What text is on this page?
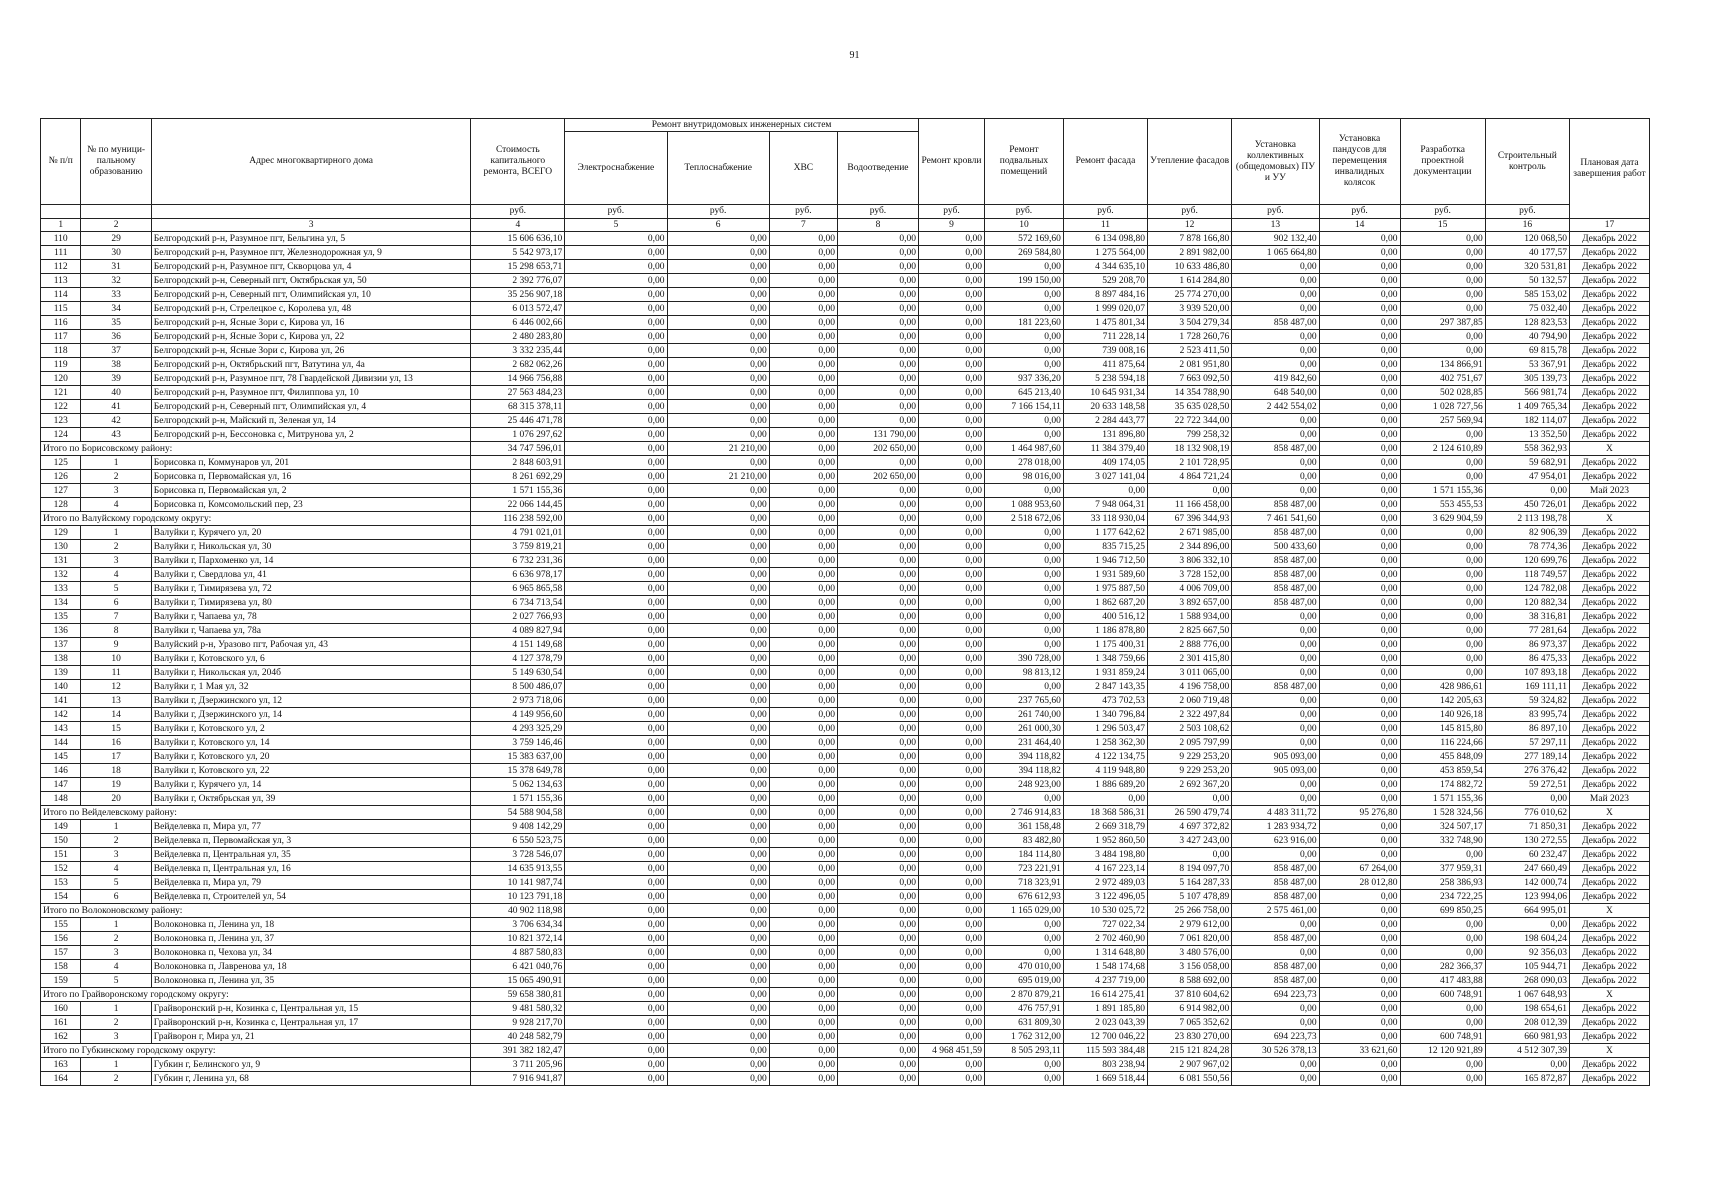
91
№ п/п	№ по муници-пальному образованию	Адрес многоквартирного дома	Стоимость капитального ремонта, ВСЕГО	Ремонт внутридомовых инженерных систем				Ремонт кровли	Ремонт подвальных помещений	Ремонт фасада	Утепление фасадов	Установка коллективных (общедомовых) ПУ и УУ	Установка пандусов для перемещения инвалидных колясок	Разработка проектной документации	Строительный контроль	Плановая дата завершения работ
				Электроснабжение	Теплоснабжение	ХВС	Водоотведение									
			руб.	руб.	руб.	руб.	руб.	руб.	руб.	руб.	руб.	руб.	руб.	руб.	руб.	
1	2	3	4	5	6	7	8	9	10	11	12	13	14	15	16	17
110	29	Белгородский р-н, Разумное пгт, Бельгина ул, 5	15 606 636,10	0,00	0,00	0,00	0,00	0,00	572 169,60	6 134 098,80	7 878 166,80	902 132,40	0,00	0,00	120 068,50	Декабрь 2022
111	30	Белгородский р-н, Разумное пгт, Железнодорожная ул, 9	5 542 973,17	0,00	0,00	0,00	0,00	0,00	269 584,80	1 275 564,00	2 891 982,00	1 065 664,80	0,00	0,00	40 177,57	Декабрь 2022
112	31	Белгородский р-н, Разумное пгт, Скворцова ул, 4	15 298 653,71	0,00	0,00	0,00	0,00	0,00	0,00	4 344 635,10	10 633 486,80	0,00	0,00	0,00	320 531,81	Декабрь 2022
113	32	Белгородский р-н, Северный пгт, Октябрьская ул, 50	2 392 776,07	0,00	0,00	0,00	0,00	0,00	199 150,00	529 208,70	1 614 284,80	0,00	0,00	0,00	50 132,57	Декабрь 2022
114	33	Белгородский р-н, Северный пгт, Олимпийская ул, 10	35 256 907,18	0,00	0,00	0,00	0,00	0,00	0,00	8 897 484,16	25 774 270,00	0,00	0,00	0,00	585 153,02	Декабрь 2022
115	34	Белгородский р-н, Стрелецкое с, Королева ул, 48	6 013 572,47	0,00	0,00	0,00	0,00	0,00	0,00	1 999 020,07	3 939 520,00	0,00	0,00	0,00	75 032,40	Декабрь 2022
116	35	Белгородский р-н, Ясные Зори с, Кирова ул, 16	6 446 002,66	0,00	0,00	0,00	0,00	0,00	181 223,60	1 475 801,34	3 504 279,34	858 487,00	0,00	297 387,85	128 823,53	Декабрь 2022
117	36	Белгородский р-н, Ясные Зори с, Кирова ул, 22	2 480 283,80	0,00	0,00	0,00	0,00	0,00	0,00	711 228,14	1 728 260,76	0,00	0,00	0,00	40 794,90	Декабрь 2022
118	37	Белгородский р-н, Ясные Зори с, Кирова ул, 26	3 332 235,44	0,00	0,00	0,00	0,00	0,00	0,00	739 008,16	2 523 411,50	0,00	0,00	0,00	69 815,78	Декабрь 2022
119	38	Белгородский р-н, Октябрьский пгт, Ватутина ул, 4а	2 682 062,26	0,00	0,00	0,00	0,00	0,00	0,00	411 875,64	2 081 951,80	0,00	0,00	134 866,91	53 367,91	Декабрь 2022
120	39	Белгородский р-н, Разумное пгт, 78 Гвардейской Дивизии ул, 13	14 966 756,88	0,00	0,00	0,00	0,00	0,00	937 336,20	5 238 594,18	7 663 092,50	419 842,60	0,00	402 751,67	305 139,73	Декабрь 2022
121	40	Белгородский р-н, Разумное пгт, Филиппова ул, 10	27 563 484,23	0,00	0,00	0,00	0,00	0,00	645 213,40	10 645 931,34	14 354 788,90	648 540,00	0,00	502 028,85	566 981,74	Декабрь 2022
122	41	Белгородский р-н, Северный пгт, Олимпийская ул, 4	68 315 378,11	0,00	0,00	0,00	0,00	0,00	7 166 154,11	20 633 148,58	35 635 028,50	2 442 554,02	0,00	1 028 727,56	1 409 765,34	Декабрь 2022
123	42	Белгородский р-н, Майский п, Зеленая ул, 14	25 446 471,78	0,00	0,00	0,00	0,00	0,00	0,00	2 284 443,77	22 722 344,00	0,00	0,00	257 569,94	182 114,07	Декабрь 2022
124	43	Белгородский р-н, Бессоновка с, Митрунова ул, 2	1 076 297,62	0,00	0,00	0,00	131 790,00	0,00	0,00	131 896,80	799 258,32	0,00	0,00	0,00	13 352,50	Декабрь 2022
Итого по Борисовскому району:			34 747 596,01	0,00	21 210,00	0,00	202 650,00	0,00	1 464 987,60	11 384 379,40	18 132 908,19	858 487,00	0,00	2 124 610,89	558 362,93	X
125	1	Борисовка п, Коммунаров ул, 201	2 848 603,91	0,00	0,00	0,00	0,00	0,00	278 018,00	409 174,05	2 101 728,95	0,00	0,00	0,00	59 682,91	Декабрь 2022
126	2	Борисовка п, Первомайская ул, 16	8 261 692,29	0,00	21 210,00	0,00	202 650,00	0,00	98 016,00	3 027 141,04	4 864 721,24	0,00	0,00	0,00	47 954,01	Декабрь 2022
127	3	Борисовка п, Первомайская ул, 2	1 571 155,36	0,00	0,00	0,00	0,00	0,00	0,00	0,00	0,00	0,00	0,00	1 571 155,36	0,00	Май 2023
128	4	Борисовка п, Комсомольский пер, 23	22 066 144,45	0,00	0,00	0,00	0,00	0,00	1 088 953,60	7 948 064,31	11 166 458,00	858 487,00	0,00	553 455,53	450 726,01	Декабрь 2022
Итого по Валуйскому городскому округу:			116 238 592,00	0,00	0,00	0,00	0,00	0,00	2 518 672,06	33 118 930,04	67 396 344,93	7 461 541,60	0,00	3 629 904,59	2 113 198,78	X
129	1	Валуйки г, Курячего ул, 20	4 791 021,01	0,00	0,00	0,00	0,00	0,00	0,00	1 177 642,62	2 671 985,00	858 487,00	0,00	0,00	82 906,39	Декабрь 2022
130	2	Валуйки г, Никольская ул, 30	3 759 819,21	0,00	0,00	0,00	0,00	0,00	0,00	835 715,25	2 344 896,00	500 433,60	0,00	0,00	78 774,36	Декабрь 2022
131	3	Валуйки г, Пархоменко ул, 14	6 732 231,36	0,00	0,00	0,00	0,00	0,00	0,00	1 946 712,50	3 806 332,10	858 487,00	0,00	0,00	120 699,76	Декабрь 2022
132	4	Валуйки г, Свердлова ул, 41	6 636 978,17	0,00	0,00	0,00	0,00	0,00	0,00	1 931 589,60	3 728 152,00	858 487,00	0,00	0,00	118 749,57	Декабрь 2022
133	5	Валуйки г, Тимирязева ул, 72	6 965 865,58	0,00	0,00	0,00	0,00	0,00	0,00	1 975 887,50	4 006 709,00	858 487,00	0,00	0,00	124 782,08	Декабрь 2022
134	6	Валуйки г, Тимирязева ул, 80	6 734 713,54	0,00	0,00	0,00	0,00	0,00	0,00	1 862 687,20	3 892 657,00	858 487,00	0,00	0,00	120 882,34	Декабрь 2022
135	7	Валуйки г, Чапаева ул, 78	2 027 766,93	0,00	0,00	0,00	0,00	0,00	0,00	400 516,12	1 588 934,00	0,00	0,00	0,00	38 316,81	Декабрь 2022
136	8	Валуйки г, Чапаева ул, 78а	4 089 827,94	0,00	0,00	0,00	0,00	0,00	0,00	1 186 878,80	2 825 667,50	0,00	0,00	0,00	77 281,64	Декабрь 2022
137	9	Валуйский р-н, Уразово пгт, Рабочая ул, 43	4 151 149,68	0,00	0,00	0,00	0,00	0,00	0,00	1 175 400,31	2 888 776,00	0,00	0,00	0,00	86 973,37	Декабрь 2022
138	10	Валуйки г, Котовского ул, 6	4 127 378,79	0,00	0,00	0,00	0,00	0,00	390 728,00	1 348 759,66	2 301 415,80	0,00	0,00	0,00	86 475,33	Декабрь 2022
139	11	Валуйки г, Никольская ул, 204б	5 149 630,54	0,00	0,00	0,00	0,00	0,00	98 813,12	1 931 859,24	3 011 065,00	0,00	0,00	0,00	107 893,18	Декабрь 2022
140	12	Валуйки г, 1 Мая ул, 32	8 500 486,07	0,00	0,00	0,00	0,00	0,00	0,00	2 847 143,35	4 196 758,00	858 487,00	0,00	428 986,61	169 111,11	Декабрь 2022
141	13	Валуйки г, Дзержинского ул, 12	2 973 718,06	0,00	0,00	0,00	0,00	0,00	237 765,60	473 702,53	2 060 719,48	0,00	0,00	142 205,63	59 324,82	Декабрь 2022
142	14	Валуйки г, Дзержинского ул, 14	4 149 956,60	0,00	0,00	0,00	0,00	0,00	261 740,00	1 340 796,84	2 322 497,84	0,00	0,00	140 926,18	83 995,74	Декабрь 2022
143	15	Валуйки г, Котовского ул, 2	4 293 325,29	0,00	0,00	0,00	0,00	0,00	261 000,30	1 296 503,47	2 503 108,62	0,00	0,00	145 815,80	86 897,10	Декабрь 2022
144	16	Валуйки г, Котовского ул, 14	3 759 146,46	0,00	0,00	0,00	0,00	0,00	231 464,40	1 258 362,30	2 095 797,99	0,00	0,00	116 224,66	57 297,11	Декабрь 2022
145	17	Валуйки г, Котовского ул, 20	15 383 637,00	0,00	0,00	0,00	0,00	0,00	394 118,82	4 122 134,75	9 229 253,20	905 093,00	0,00	455 848,09	277 189,14	Декабрь 2022
146	18	Валуйки г, Котовского ул, 22	15 378 649,78	0,00	0,00	0,00	0,00	0,00	394 118,82	4 119 948,80	9 229 253,20	905 093,00	0,00	453 859,54	276 376,42	Декабрь 2022
147	19	Валуйки г, Курячего ул, 14	5 062 134,63	0,00	0,00	0,00	0,00	0,00	248 923,00	1 886 689,20	2 692 367,20	0,00	0,00	174 882,72	59 272,51	Декабрь 2022
148	20	Валуйки г, Октябрьская ул, 39	1 571 155,36	0,00	0,00	0,00	0,00	0,00	0,00	0,00	0,00	0,00	0,00	1 571 155,36	0,00	Май 2023
Итого по Вейделевскому району:			54 588 904,58	0,00	0,00	0,00	0,00	0,00	2 746 914,83	18 368 586,31	26 590 479,74	4 483 311,72	95 276,80	1 528 324,56	776 010,62	X
149	1	Вейделевка п, Мира ул, 77	9 408 142,29	0,00	0,00	0,00	0,00	0,00	361 158,48	2 669 318,79	4 697 372,82	1 283 934,72	0,00	324 507,17	71 850,31	Декабрь 2022
150	2	Вейделевка п, Первомайская ул, 3	6 550 523,75	0,00	0,00	0,00	0,00	0,00	83 482,80	1 952 860,50	3 427 243,00	623 916,00	0,00	332 748,90	130 272,55	Декабрь 2022
151	3	Вейделевка п, Центральная ул, 35	3 728 546,07	0,00	0,00	0,00	0,00	0,00	184 114,80	3 484 198,80	0,00	0,00	0,00	0,00	60 232,47	Декабрь 2022
152	4	Вейделевка п, Центральная ул, 16	14 635 913,55	0,00	0,00	0,00	0,00	0,00	723 221,91	4 167 223,14	8 194 097,70	858 487,00	67 264,00	377 959,31	247 660,49	Декабрь 2022
153	5	Вейделевка п, Мира ул, 79	10 141 987,74	0,00	0,00	0,00	0,00	0,00	718 323,91	2 972 489,03	5 164 287,33	858 487,00	28 012,80	258 386,93	142 000,74	Декабрь 2022
154	6	Вейделевка п, Строителей ул, 54	10 123 791,18	0,00	0,00	0,00	0,00	0,00	676 612,93	3 122 496,05	5 107 478,89	858 487,00	0,00	234 722,25	123 994,06	Декабрь 2022
Итого по Волоконовскому району:			40 902 118,98	0,00	0,00	0,00	0,00	0,00	1 165 029,00	10 530 025,72	25 266 758,00	2 575 461,00	0,00	699 850,25	664 995,01	X
155	1	Волоконовка п, Ленина ул, 18	3 706 634,34	0,00	0,00	0,00	0,00	0,00	0,00	727 022,34	2 979 612,00	0,00	0,00	0,00	0,00	Декабрь 2022
156	2	Волоконовка п, Ленина ул, 37	10 821 372,14	0,00	0,00	0,00	0,00	0,00	0,00	2 702 460,90	7 061 820,00	858 487,00	0,00	0,00	198 604,24	Декабрь 2022
157	3	Волоконовка п, Чехова ул, 34	4 887 580,83	0,00	0,00	0,00	0,00	0,00	0,00	1 314 648,80	3 480 576,00	0,00	0,00	0,00	92 356,03	Декабрь 2022
158	4	Волоконовка п, Лавренова ул, 18	6 421 040,76	0,00	0,00	0,00	0,00	0,00	470 010,00	1 548 174,68	3 156 058,00	858 487,00	0,00	282 366,37	105 944,71	Декабрь 2022
159	5	Волоконовка п, Ленина ул, 35	15 065 490,91	0,00	0,00	0,00	0,00	0,00	695 019,00	4 237 719,00	8 588 692,00	858 487,00	0,00	417 483,88	268 090,03	Декабрь 2022
Итого по Грайворонскому городскому округу:			59 658 380,81	0,00	0,00	0,00	0,00	0,00	2 870 879,21	16 614 275,41	37 810 604,62	694 223,73	0,00	600 748,91	1 067 648,93	X
160	1	Грайворонский р-н, Козинка с, Центральная ул, 15	9 481 580,32	0,00	0,00	0,00	0,00	0,00	476 757,91	1 891 185,80	6 914 982,00	0,00	0,00	0,00	198 654,61	Декабрь 2022
161	2	Грайворонский р-н, Козинка с, Центральная ул, 17	9 928 217,70	0,00	0,00	0,00	0,00	0,00	631 809,30	2 023 043,39	7 065 352,62	0,00	0,00	0,00	208 012,39	Декабрь 2022
162	3	Грайворон г, Мира ул, 21	40 248 582,79	0,00	0,00	0,00	0,00	0,00	1 762 312,00	12 700 046,22	23 830 270,00	694 223,73	0,00	600 748,91	660 981,93	Декабрь 2022
Итого по Губкинскому городскому округу:			391 382 182,47	0,00	0,00	0,00	0,00	4 968 451,59	8 505 293,11	115 593 384,48	215 121 824,28	30 526 378,13	33 621,60	12 120 921,89	4 512 307,39	X
163	1	Губкин г, Белинского ул, 9	3 711 205,96	0,00	0,00	0,00	0,00	0,00	0,00	803 238,94	2 907 967,02	0,00	0,00	0,00	0,00	Декабрь 2022
164	2	Губкин г, Ленина ул, 68	7 916 941,87	0,00	0,00	0,00	0,00	0,00	0,00	1 669 518,44	6 081 550,56	0,00	0,00	0,00	165 872,87	Декабрь 2022
